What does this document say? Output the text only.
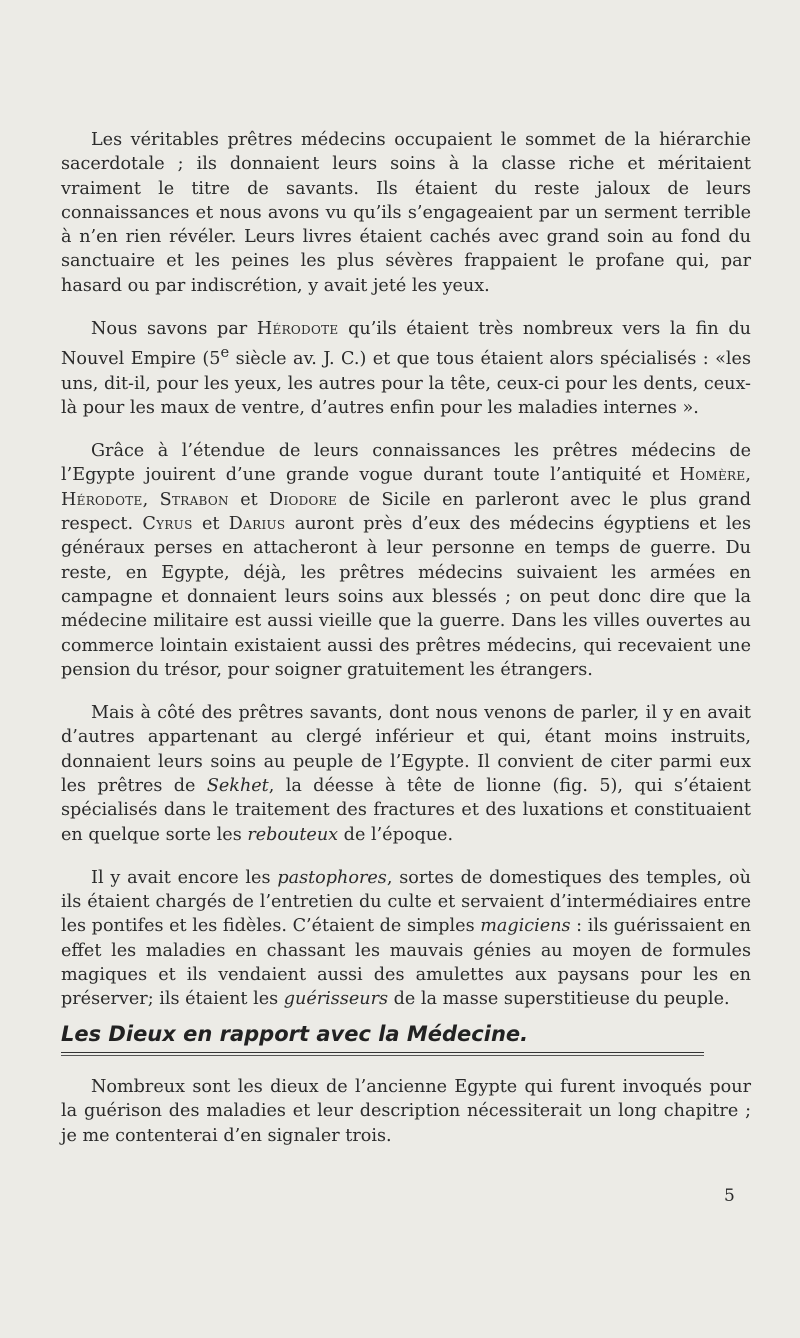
Les véritables prêtres médecins occupaient le sommet de la hiérarchie sacerdotale ; ils donnaient leurs soins à la classe riche et méritaient vraiment le titre de savants. Ils étaient du reste jaloux de leurs connaissances et nous avons vu qu’ils s’engageaient par un serment terrible à n’en rien révéler. Leurs livres étaient cachés avec grand soin au fond du sanctuaire et les peines les plus sévères frappaient le profane qui, par hasard ou par indiscrétion, y avait jeté les yeux.

Nous savons par Hérodote qu’ils étaient très nombreux vers la fin du Nouvel Empire (5e siècle av. J. C.) et que tous étaient alors spécialisés : «les uns, dit-il, pour les yeux, les autres pour la tête, ceux-ci pour les dents, ceux-là pour les maux de ventre, d’autres enfin pour les maladies internes ».

Grâce à l’étendue de leurs connaissances les prêtres médecins de l’Egypte jouirent d’une grande vogue durant toute l’antiquité et Homère, Hérodote, Strabon et Diodore de Sicile en parleront avec le plus grand respect. Cyrus et Darius auront près d’eux des médecins égyptiens et les généraux perses en attacheront à leur personne en temps de guerre. Du reste, en Egypte, déjà, les prêtres médecins suivaient les armées en campagne et donnaient leurs soins aux blessés ; on peut donc dire que la médecine militaire est aussi vieille que la guerre. Dans les villes ouvertes au commerce lointain existaient aussi des prêtres médecins, qui recevaient une pension du trésor, pour soigner gratuitement les étrangers.

Mais à côté des prêtres savants, dont nous venons de parler, il y en avait d’autres appartenant au clergé inférieur et qui, étant moins instruits, donnaient leurs soins au peuple de l’Egypte. Il convient de citer parmi eux les prêtres de Sekhet, la déesse à tête de lionne (fig. 5), qui s’étaient spécialisés dans le traitement des fractures et des luxations et constituaient en quelque sorte les rebouteux de l’époque.

Il y avait encore les pastophores, sortes de domestiques des temples, où ils étaient chargés de l’entretien du culte et servaient d’intermédiaires entre les pontifes et les fidèles. C’étaient de simples magiciens : ils guérissaient en effet les maladies en chassant les mauvais génies au moyen de formules magiques et ils vendaient aussi des amulettes aux paysans pour les en préserver; ils étaient les guérisseurs de la masse superstitieuse du peuple.

Les Dieux en rapport avec la Médecine.

Nombreux sont les dieux de l’ancienne Egypte qui furent invoqués pour la guérison des maladies et leur description nécessiterait un long chapitre ; je me contenterai d’en signaler trois.

5
